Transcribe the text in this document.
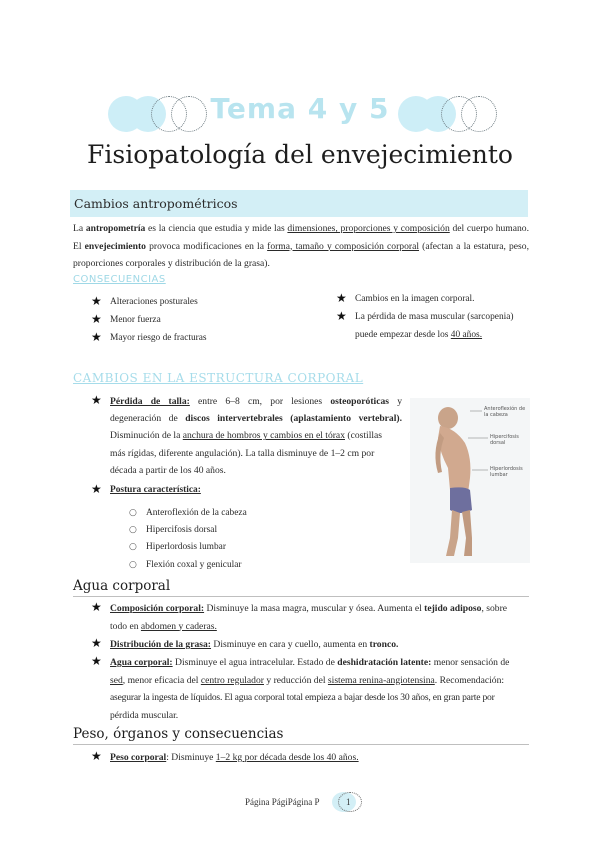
Tema 4 y 5
Fisiopatología del envejecimiento
Cambios antropométricos
La antropometría es la ciencia que estudia y mide las dimensiones, proporciones y composición del cuerpo humano. El envejecimiento provoca modificaciones en la forma, tamaño y composición corporal (afectan a la estatura, peso, proporciones corporales y distribución de la grasa).
CONSECUENCIAS
★ Alteraciones posturales
★ Menor fuerza
★ Mayor riesgo de fracturas
★ Cambios en la imagen corporal.
★ La pérdida de masa muscular (sarcopenia)
puede empezar desde los 40 años.
CAMBIOS EN LA ESTRUCTURA CORPORAL
★ Pérdida de talla: entre 6–8 cm, por lesiones osteoporóticas y
degeneración de discos intervertebrales (aplastamiento vertebral).
Disminución de la anchura de hombros y cambios en el tórax (costillas
más rígidas, diferente angulación). La talla disminuye de 1–2 cm por
década a partir de los 40 años.
★ Postura característica:
○ Anteroflexión de la cabeza
○ Hipercifosis dorsal
○ Hiperlordosis lumbar
○ Flexión coxal y genicular
Anteroflexión de la cabeza
Hipercifosis dorsal
Hiperlordosis lumbar
Agua corporal
★ Composición corporal: Disminuye la masa magra, muscular y ósea. Aumenta el tejido adiposo, sobre
todo en abdomen y caderas.
★ Distribución de la grasa: Disminuye en cara y cuello, aumenta en tronco.
★ Agua corporal: Disminuye el agua intracelular. Estado de deshidratación latente: menor sensación de
sed, menor eficacia del centro regulador y reducción del sistema renina-angiotensina. Recomendación:
asegurar la ingesta de líquidos. El agua corporal total empieza a bajar desde los 30 años, en gran parte por
pérdida muscular.
Peso, órganos y consecuencias
★ Peso corporal: Disminuye 1–2 kg por década desde los 40 años.
Página PágiPágina P	1
